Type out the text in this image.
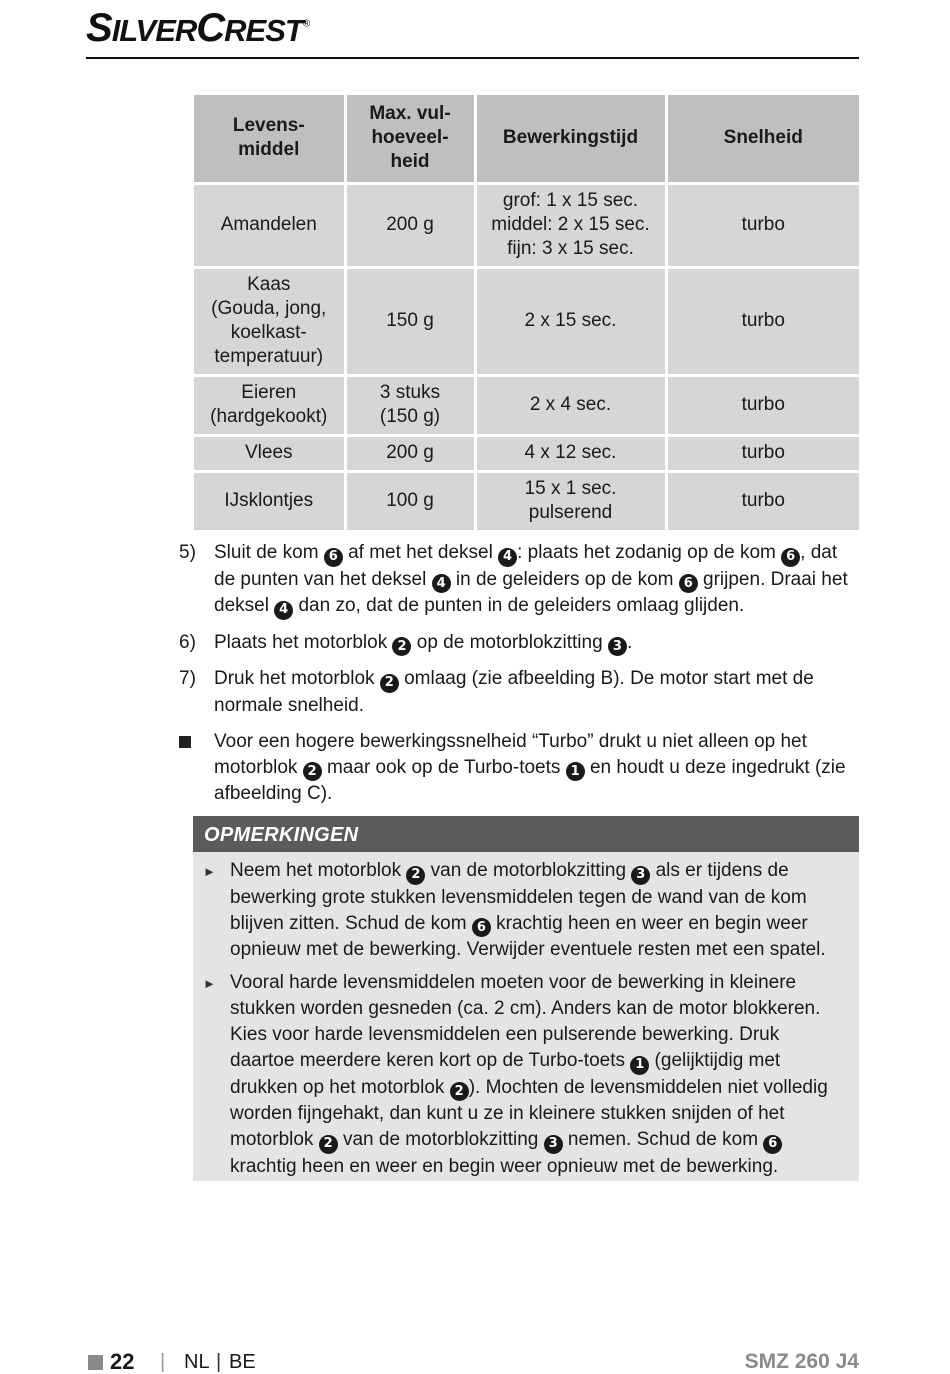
SILVERCREST®
Levens-
middel	Max. vul-
hoeveel-
heid	Bewerkingstijd	Snelheid
Amandelen	200 g	grof: 1 x 15 sec.
middel: 2 x 15 sec.
fijn: 3 x 15 sec.	turbo
Kaas
(Gouda, jong,
koelkast-
temperatuur)	150 g	2 x 15 sec.	turbo
Eieren
(hardgekookt)	3 stuks
(150 g)	2 x 4 sec.	turbo
Vlees	200 g	4 x 12 sec.	turbo
IJsklontjes	100 g	15 x 1 sec.
pulserend	turbo
5) Sluit de kom 6 af met het deksel 4 : plaats het zodanig op de kom 6 , dat de punten van het deksel 4 in de geleiders op de kom 6 grijpen. Draai het deksel 4 dan zo, dat de punten in de geleiders omlaag glijden.
6) Plaats het motorblok 2 op de motorblokzitting 3 .
7) Druk het motorblok 2 omlaag (zie afbeelding B). De motor start met de normale snelheid.
Voor een hogere bewerkingssnelheid “Turbo” drukt u niet alleen op het motorblok 2 maar ook op de Turbo-toets 1 en houdt u deze ingedrukt (zie afbeelding C).
OPMERKINGEN
► Neem het motorblok 2 van de motorblokzitting 3 als er tijdens de bewerking grote stukken levensmiddelen tegen de wand van de kom blijven zitten. Schud de kom 6 krachtig heen en weer en begin weer opnieuw met de bewerking. Verwijder eventuele resten met een spatel.
► Vooral harde levensmiddelen moeten voor de bewerking in kleinere stukken worden gesneden (ca. 2 cm). Anders kan de motor blokkeren. Kies voor harde levensmiddelen een pulserende bewerking. Druk daartoe meerdere keren kort op de Turbo-toets 1 (gelijktijdig met drukken op het motorblok 2 ). Mochten de levensmiddelen niet volledig worden fijngehakt, dan kunt u ze in kleinere stukken snijden of het motorblok 2 van de motorblokzitting 3 nemen. Schud de kom 6 krachtig heen en weer en begin weer opnieuw met de bewerking.
22 | NL | BE	SMZ 260 J4
